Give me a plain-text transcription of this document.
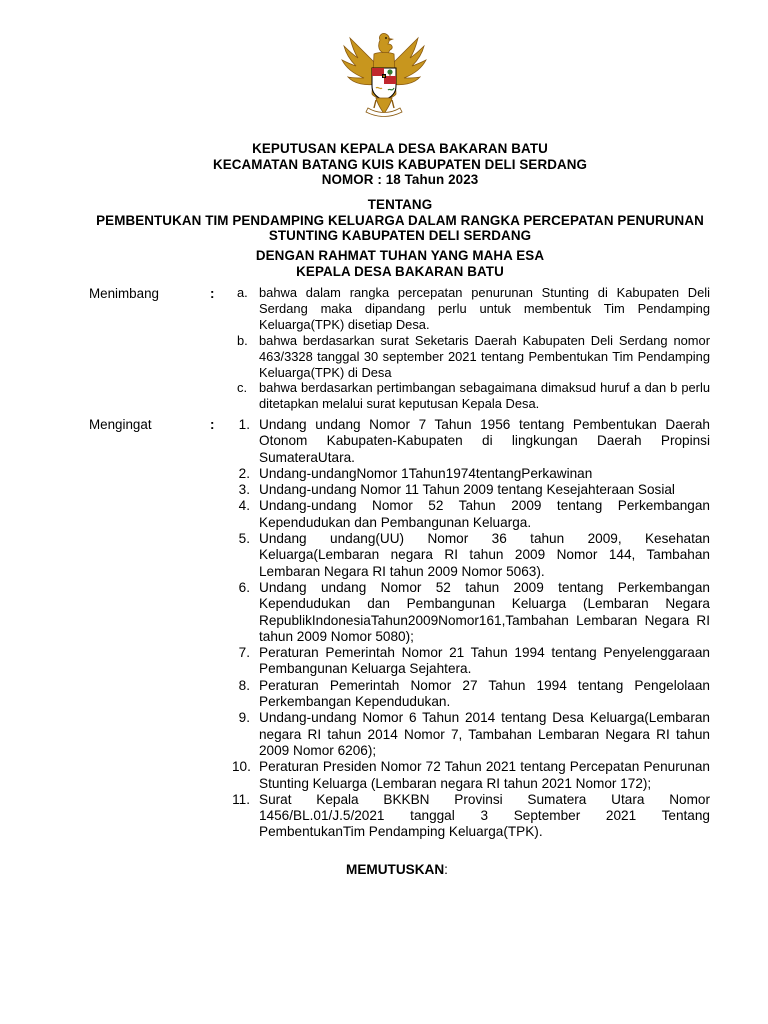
KEPUTUSAN KEPALA DESA BAKARAN BATU
KECAMATAN BATANG KUIS KABUPATEN DELI SERDANG
NOMOR : 18 Tahun 2023
TENTANG
PEMBENTUKAN TIM PENDAMPING KELUARGA DALAM RANGKA PERCEPATAN PENURUNAN
STUNTING KABUPATEN DELI SERDANG
DENGAN RAHMAT TUHAN YANG MAHA ESA
KEPALA DESA BAKARAN BATU
Menimbang	: a. bahwa dalam rangka percepatan penurunan Stunting di Kabupaten Deli Serdang maka dipandang perlu untuk membentuk Tim Pendamping Keluarga(TPK) disetiap Desa.
b. bahwa berdasarkan surat Seketaris Daerah Kabupaten Deli Serdang nomor 463/3328 tanggal 30 september 2021 tentang Pembentukan Tim Pendamping Keluarga(TPK) di Desa
c. bahwa berdasarkan pertimbangan sebagaimana dimaksud huruf a dan b perlu ditetapkan melalui surat keputusan Kepala Desa.
Mengingat	:	1. Undang undang Nomor 7 Tahun 1956 tentang Pembentukan Daerah Otonom Kabupaten-Kabupaten di lingkungan Daerah Propinsi SumateraUtara.
2. Undang-undangNomor 1Tahun1974tentangPerkawinan
3. Undang-undang Nomor 11 Tahun 2009 tentang Kesejahteraan Sosial
4. Undang-undang Nomor 52 Tahun 2009 tentang Perkembangan Kependudukan dan Pembangunan Keluarga.
5. Undang undang(UU) Nomor 36 tahun 2009, Kesehatan Keluarga(Lembaran negara RI tahun 2009 Nomor 144, Tambahan Lembaran Negara RI tahun 2009 Nomor 5063).
6. Undang undang Nomor 52 tahun 2009 tentang Perkembangan Kependudukan dan Pembangunan Keluarga (Lembaran Negara RepublikIndonesiaTahun2009Nomor161,Tambahan Lembaran Negara RI tahun 2009 Nomor 5080);
7. Peraturan Pemerintah Nomor 21 Tahun 1994 tentang Penyelenggaraan Pembangunan Keluarga Sejahtera.
8. Peraturan Pemerintah Nomor 27 Tahun 1994 tentang Pengelolaan Perkembangan Kependudukan.
9. Undang-undang Nomor 6 Tahun 2014 tentang Desa Keluarga(Lembaran negara RI tahun 2014 Nomor 7, Tambahan Lembaran Negara RI tahun 2009 Nomor 6206);
10. Peraturan Presiden Nomor 72 Tahun 2021 tentang Percepatan Penurunan Stunting Keluarga (Lembaran negara RI tahun 2021 Nomor 172);
11. Surat Kepala BKKBN Provinsi Sumatera Utara Nomor 1456/BL.01/J.5/2021 tanggal 3 September 2021 Tentang PembentukanTim Pendamping Keluarga(TPK).
MEMUTUSKAN:
